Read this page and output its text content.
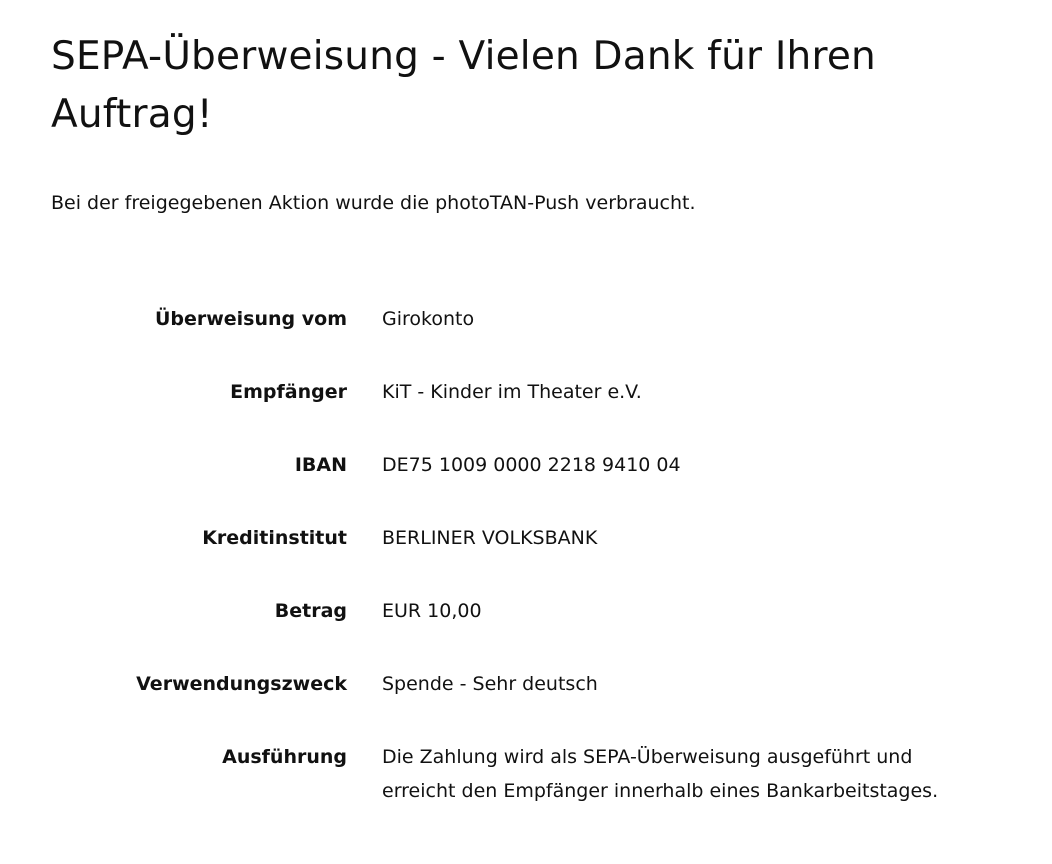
SEPA-Überweisung - Vielen Dank für Ihren Auftrag!

Bei der freigegebenen Aktion wurde die photoTAN-Push verbraucht.

Überweisung vom Girokonto
Empfänger KiT - Kinder im Theater e.V.
IBAN DE75 1009 0000 2218 9410 04
Kreditinstitut BERLINER VOLKSBANK
Betrag EUR 10,00
Verwendungszweck Spende - Sehr deutsch
Ausführung Die Zahlung wird als SEPA-Überweisung ausgeführt und erreicht den Empfänger innerhalb eines Bankarbeitstages.
